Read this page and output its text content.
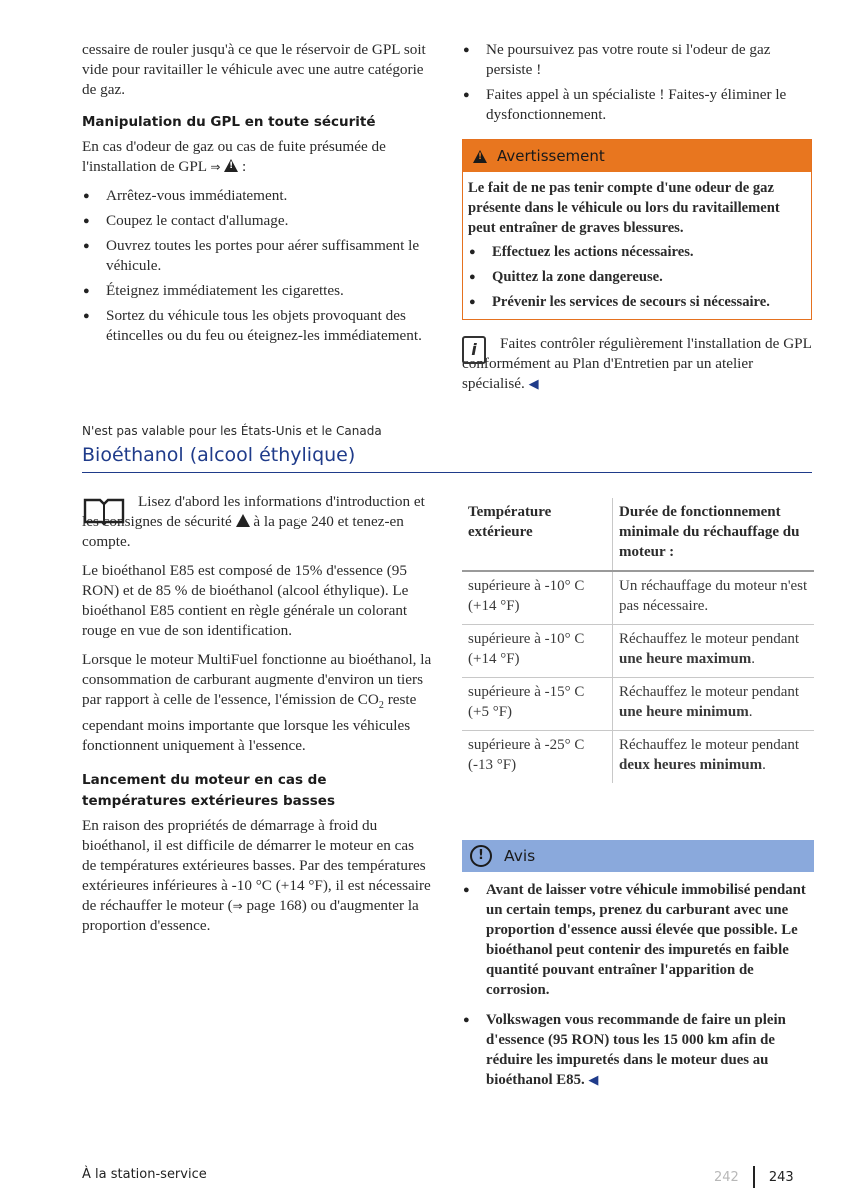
cessaire de rouler jusqu'à ce que le réservoir de GPL soit vide pour ravitailler le véhicule avec une autre catégorie de gaz.

Manipulation du GPL en toute sécurité

En cas d'odeur de gaz ou cas de fuite présumée de l'installation de GPL ⇒ ! :

● Arrêtez-vous immédiatement.
● Coupez le contact d'allumage.
● Ouvrez toutes les portes pour aérer suffisamment le véhicule.
● Éteignez immédiatement les cigarettes.
● Sortez du véhicule tous les objets provoquant des étincelles ou du feu ou éteignez-les immédiatement.
● Ne poursuivez pas votre route si l'odeur de gaz persiste !
● Faites appel à un spécialiste ! Faites-y éliminer le dysfonctionnement.
!
Avertissement

Le fait de ne pas tenir compte d'une odeur de gaz présente dans le véhicule ou lors du ravitaillement peut entraîner de graves blessures.

● Effectuez les actions nécessaires.
● Quittez la zone dangereuse.
● Prévenir les services de secours si nécessaire.
i	Faites contrôler régulièrement l'installation de GPL conformément au Plan d'Entretien par un atelier spécialisé. ◀
N'est pas valable pour les États-Unis et le Canada
Bioéthanol (alcool éthylique)

Lisez d'abord les informations d'introduction et les consignes de sécurité ! à la page 240 et tenez-en compte.

Le bioéthanol E85 est composé de 15% d'essence (95 RON) et de 85 % de bioéthanol (alcool éthylique). Le bioéthanol E85 contient en règle générale un colorant rouge en vue de son identification.

Lorsque le moteur MultiFuel fonctionne au bioéthanol, la consommation de carburant augmente d'environ un tiers par rapport à celle de l'essence, l'émission de $CO_2$ reste cependant moins importante que lorsque les véhicules fonctionnent uniquement à l'essence.

Lancement du moteur en cas de températures extérieures basses

En raison des propriétés de démarrage à froid du bioéthanol, il est difficile de démarrer le moteur en cas de températures extérieures basses. Par des températures extérieures inférieures à -10 °C (+14 °F), il est nécessaire de réchauffer le moteur (⇒ page 168) ou d'augmenter la proportion d'essence.

Température extérieure	Durée de fonctionnement minimale du réchauffage du moteur :
supérieure à -10° C (+14 °F)	Un réchauffage du moteur n'est pas nécessaire.
supérieure à -10° C (+14 °F)	Réchauffez le moteur pendant une heure maximum.
supérieure à -15° C (+5 °F)	Réchauffez le moteur pendant une heure minimum.
supérieure à -25° C (-13 °F)	Réchauffez le moteur pendant deux heures minimum.
!	Avis
● Avant de laisser votre véhicule immobilisé pendant un certain temps, prenez du carburant avec une proportion d'essence aussi élevée que possible. Le bioéthanol peut contenir des impuretés en faible quantité pouvant entraîner l'apparition de corrosion.
● Volkswagen vous recommande de faire un plein d'essence (95 RON) tous les 15 000 km afin de réduire les impuretés dans le moteur dues au bioéthanol E85. ◀
À la station-service	242 243
